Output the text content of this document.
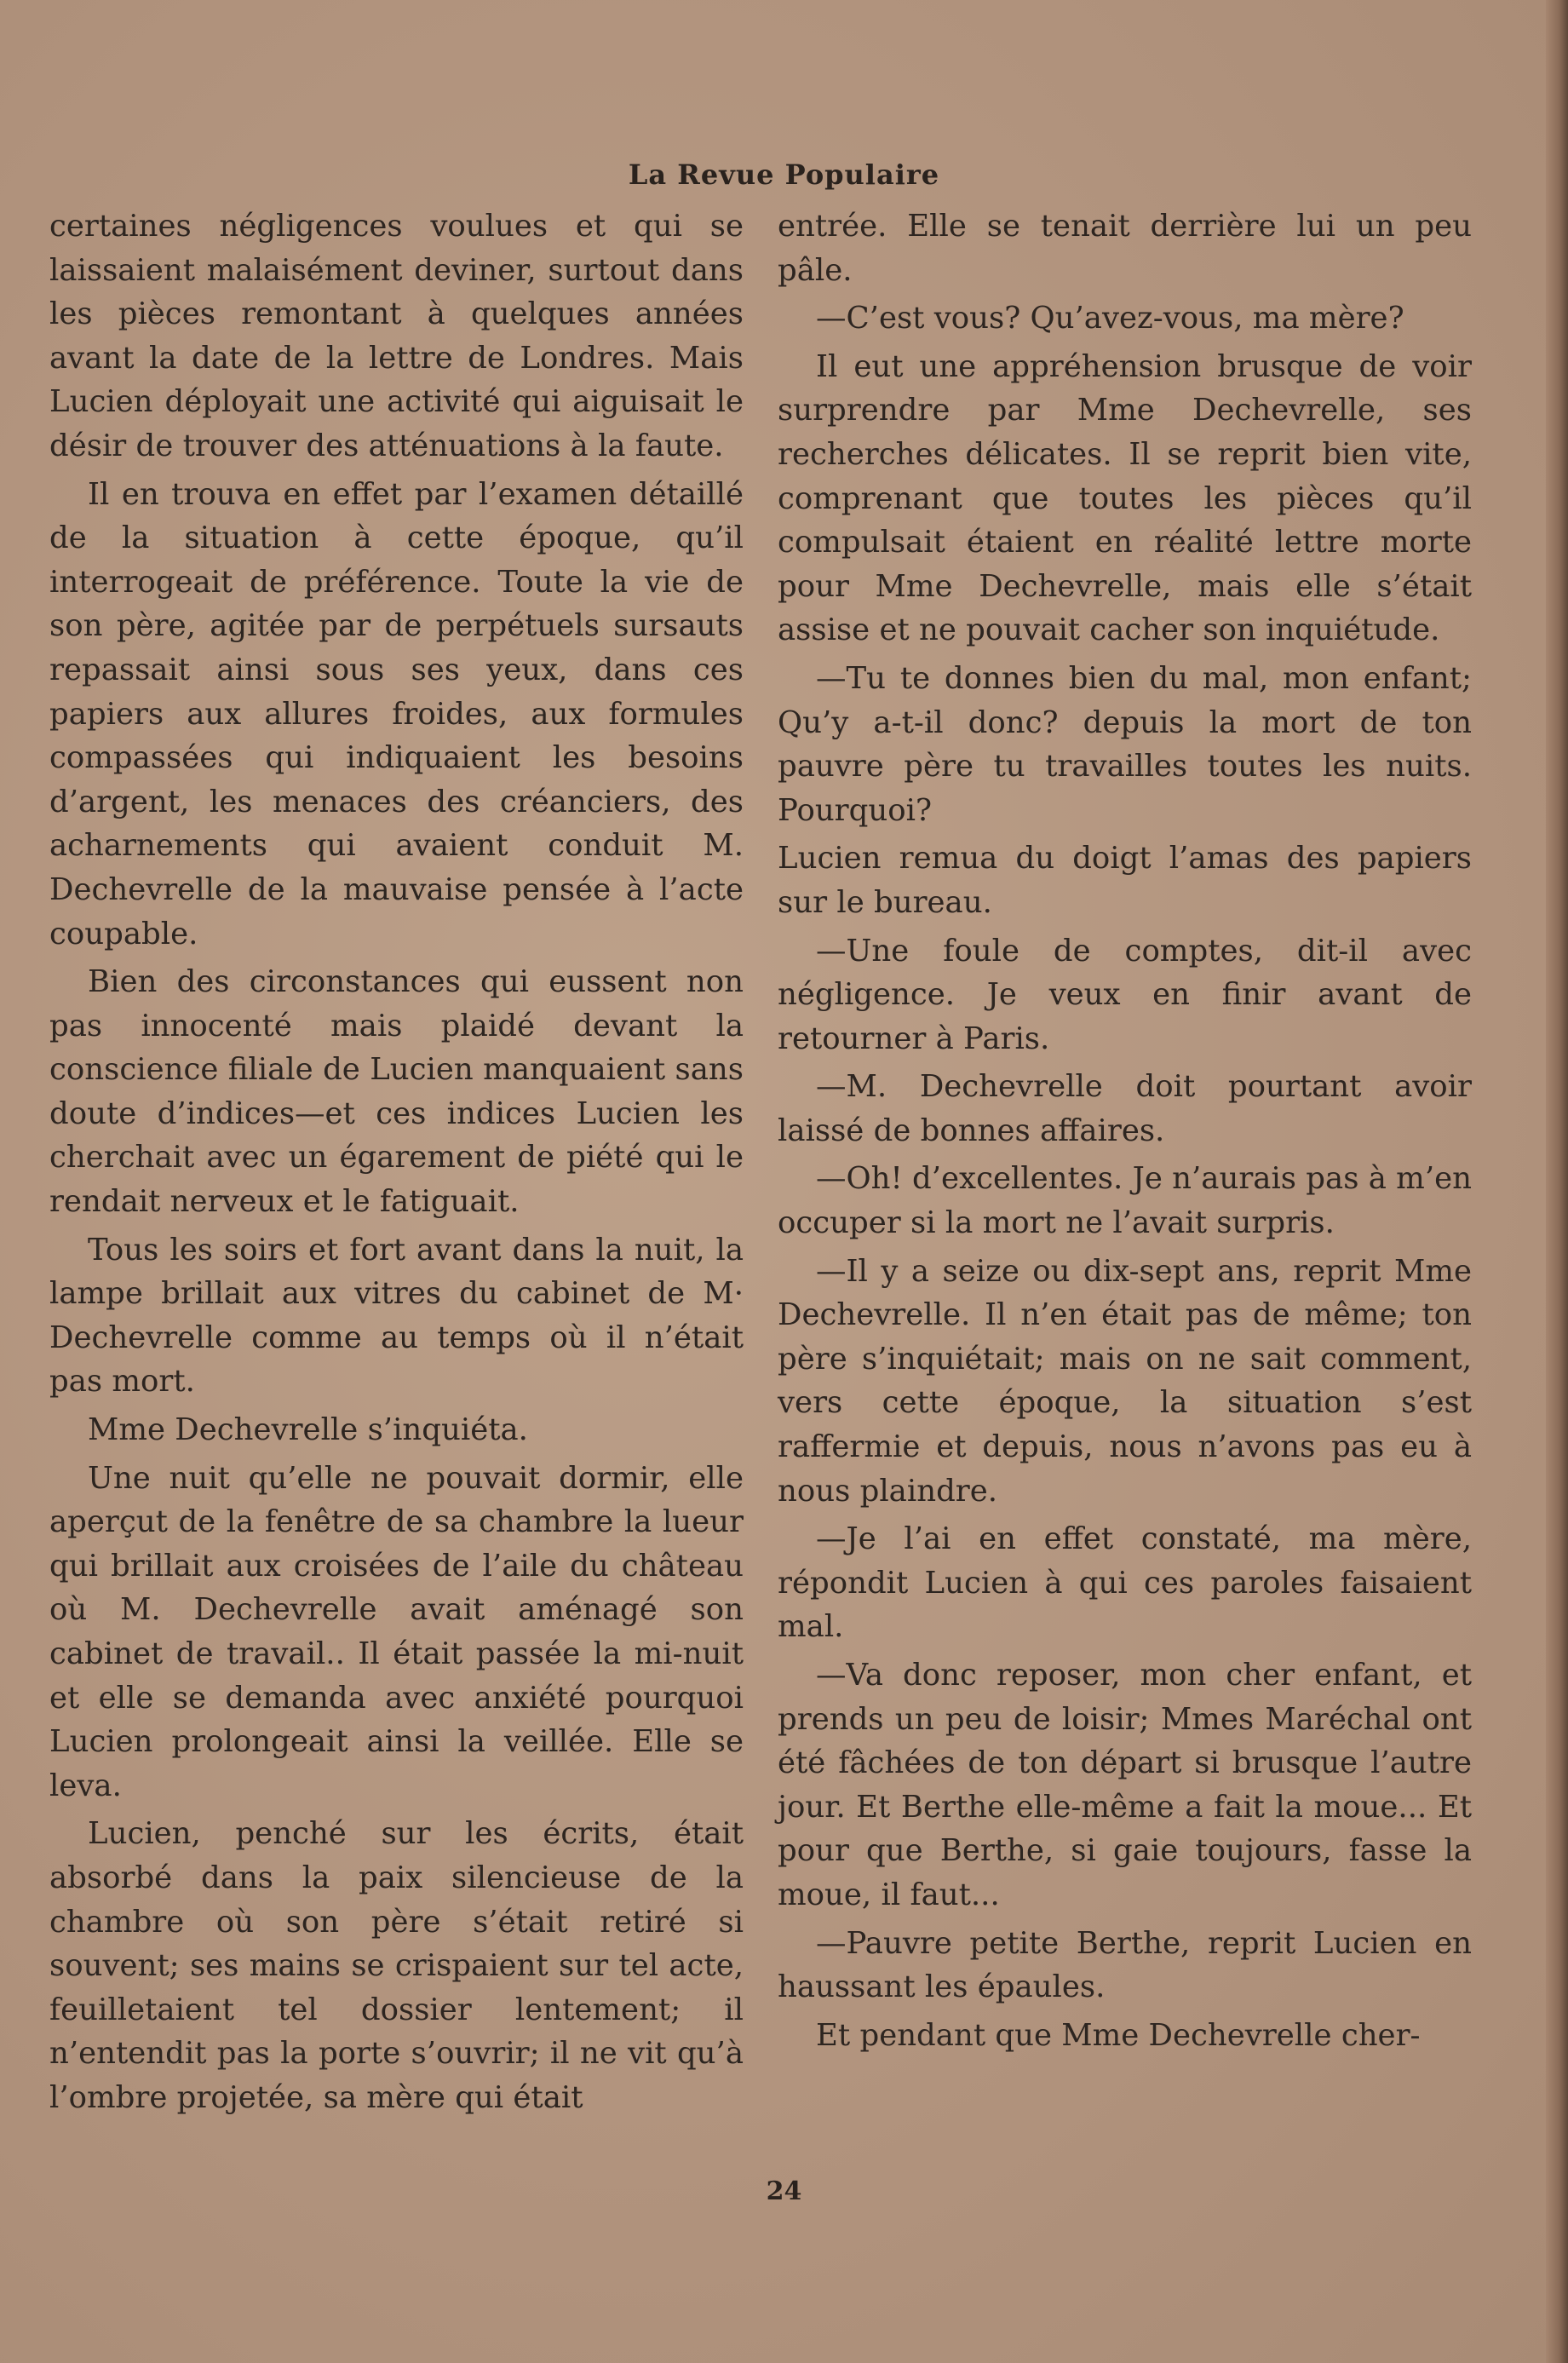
La Revue Populaire

certaines négligences voulues et qui se laissaient malaisément deviner, surtout dans les pièces remontant à quelques années avant la date de la lettre de Londres. Mais Lucien déployait une activité qui aiguisait le désir de trouver des atténuations à la faute.

Il en trouva en effet par l’examen détaillé de la situation à cette époque, qu’il interrogeait de préférence. Toute la vie de son père, agitée par de perpétuels sursauts repassait ainsi sous ses yeux, dans ces papiers aux allures froides, aux formules compassées qui indiquaient les besoins d’argent, les menaces des créanciers, des acharnements qui avaient conduit M. Dechevrelle de la mauvaise pensée à l’acte coupable.

Bien des circonstances qui eussent non pas innocenté mais plaidé devant la conscience filiale de Lucien manquaient sans doute d’indices—et ces indices Lucien les cherchait avec un égarement de piété qui le rendait nerveux et le fatiguait.

Tous les soirs et fort avant dans la nuit, la lampe brillait aux vitres du cabinet de M· Dechevrelle comme au temps où il n’était pas mort.

Mme Dechevrelle s’inquiéta.

Une nuit qu’elle ne pouvait dormir, elle aperçut de la fenêtre de sa chambre la lueur qui brillait aux croisées de l’aile du château où M. Dechevrelle avait aménagé son cabinet de travail.. Il était passée la mi-nuit et elle se demanda avec anxiété pourquoi Lucien prolongeait ainsi la veillée. Elle se leva.

Lucien, penché sur les écrits, était absorbé dans la paix silencieuse de la chambre où son père s’était retiré si souvent; ses mains se crispaient sur tel acte, feuilletaient tel dossier lentement; il n’entendit pas la porte s’ouvrir; il ne vit qu’à l’ombre projetée, sa mère qui était

entrée. Elle se tenait derrière lui un peu pâle.

—C’est vous? Qu’avez-vous, ma mère?

Il eut une appréhension brusque de voir surprendre par Mme Dechevrelle, ses recherches délicates. Il se reprit bien vite, comprenant que toutes les pièces qu’il compulsait étaient en réalité lettre morte pour Mme Dechevrelle, mais elle s’était assise et ne pouvait cacher son inquiétude.

—Tu te donnes bien du mal, mon enfant; Qu’y a-t-il donc? depuis la mort de ton pauvre père tu travailles toutes les nuits. Pourquoi?

Lucien remua du doigt l’amas des papiers sur le bureau.

—Une foule de comptes, dit-il avec négligence. Je veux en finir avant de retourner à Paris.

—M. Dechevrelle doit pourtant avoir laissé de bonnes affaires.

—Oh! d’excellentes. Je n’aurais pas à m’en occuper si la mort ne l’avait surpris.

—Il y a seize ou dix-sept ans, reprit Mme Dechevrelle. Il n’en était pas de même; ton père s’inquiétait; mais on ne sait comment, vers cette époque, la situation s’est raffermie et depuis, nous n’avons pas eu à nous plaindre.

—Je l’ai en effet constaté, ma mère, répondit Lucien à qui ces paroles faisaient mal.

—Va donc reposer, mon cher enfant, et prends un peu de loisir; Mmes Maréchal ont été fâchées de ton départ si brusque l’autre jour. Et Berthe elle-même a fait la moue... Et pour que Berthe, si gaie toujours, fasse la moue, il faut...

—Pauvre petite Berthe, reprit Lucien en haussant les épaules.

Et pendant que Mme Dechevrelle cher-

24
